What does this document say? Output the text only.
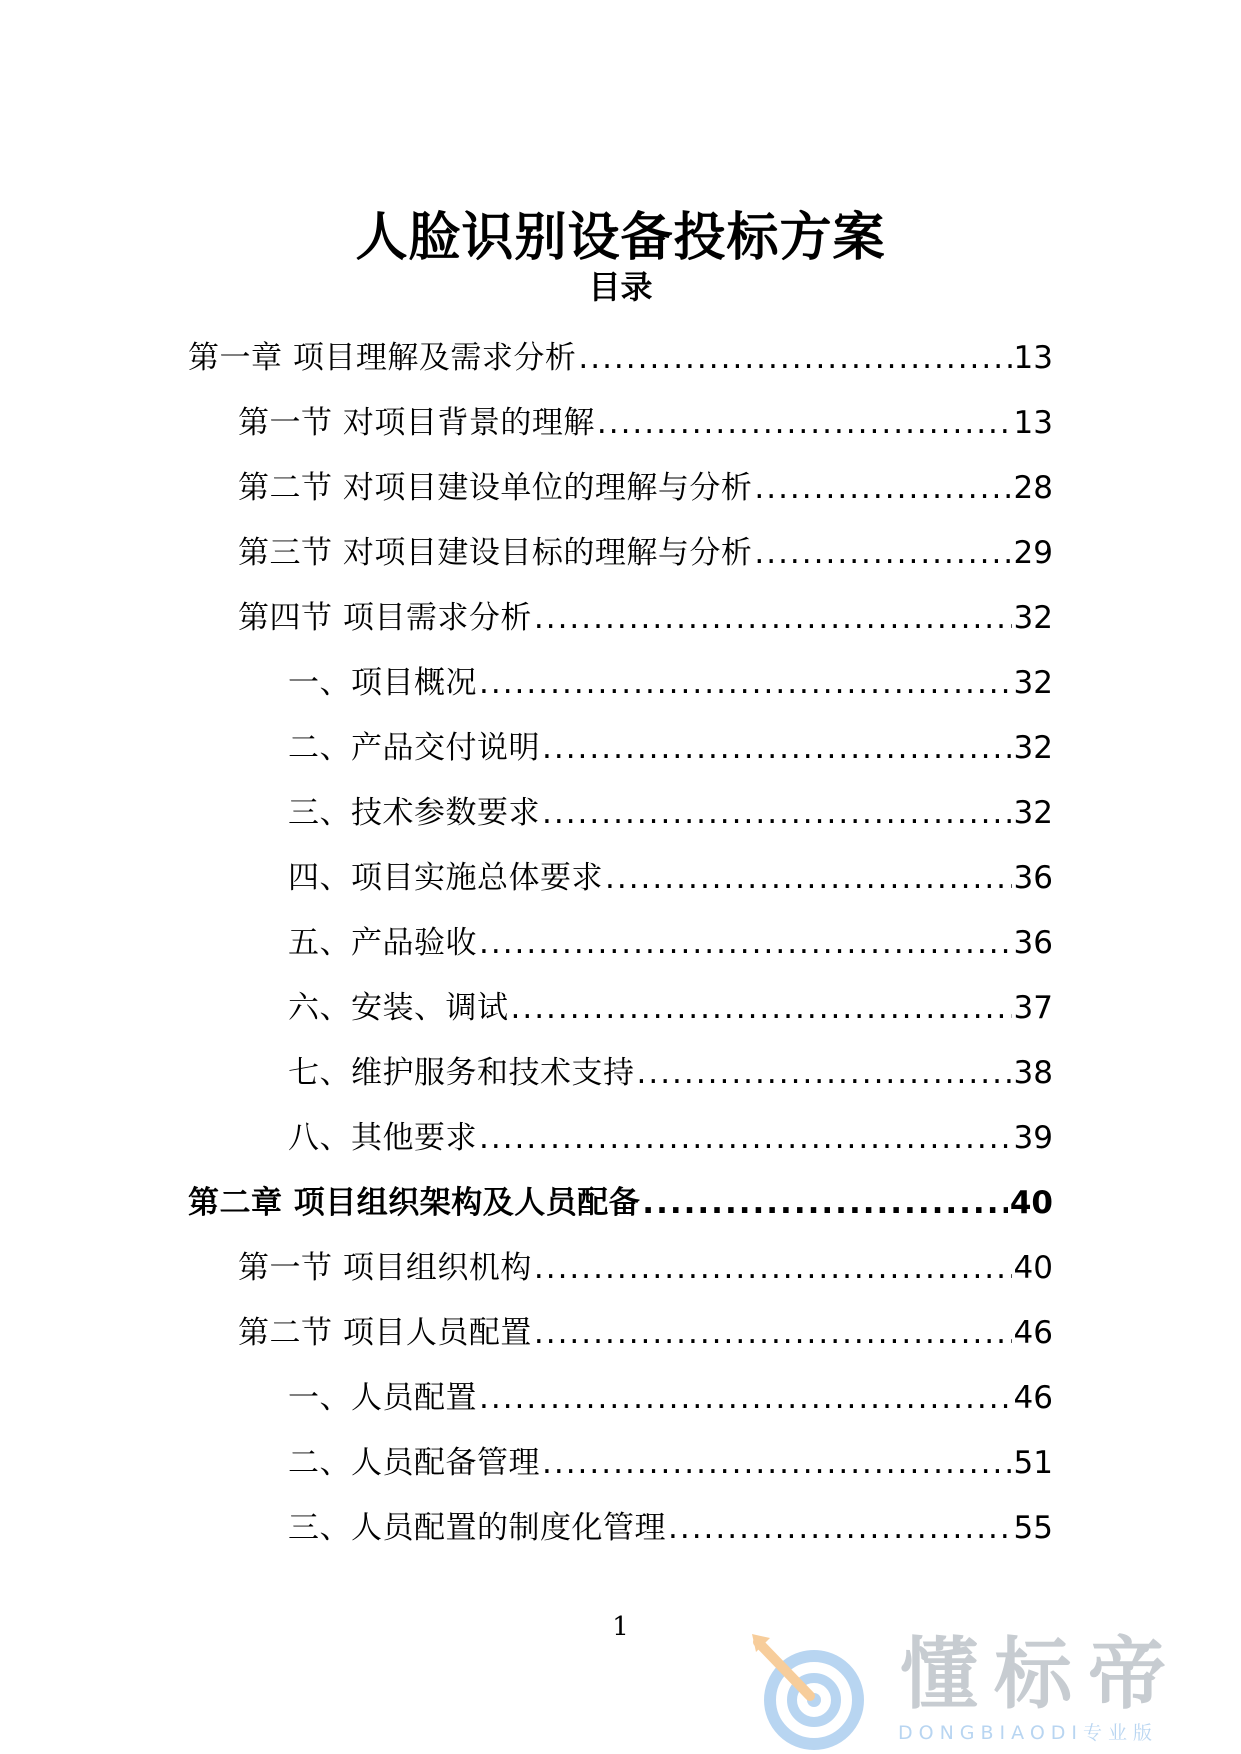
人脸识别设备投标方案
目录
第一章 项目理解及需求分析 .....	13
第一节 对项目背景的理解 .....	13
第二节 对项目建设单位的理解与分析 .....	28
第三节 对项目建设目标的理解与分析 .....	29
第四节 项目需求分析 .....	32
一、项目概况 .....	32
二、产品交付说明 .....	32
三、技术参数要求 .....	32
四、项目实施总体要求 .....	36
五、产品验收 .....	36
六、安装、调试 .....	37
七、维护服务和技术支持 .....	38
八、其他要求 .....	39
第二章 项目组织架构及人员配备 .....	40
第一节 项目组织机构 .....	40
第二节 项目人员配置 .....	46
一、人员配置 .....	46
二、人员配备管理 .....	51
三、人员配置的制度化管理 .....	55
1
懂标帝
DONGBIAODI专业版
